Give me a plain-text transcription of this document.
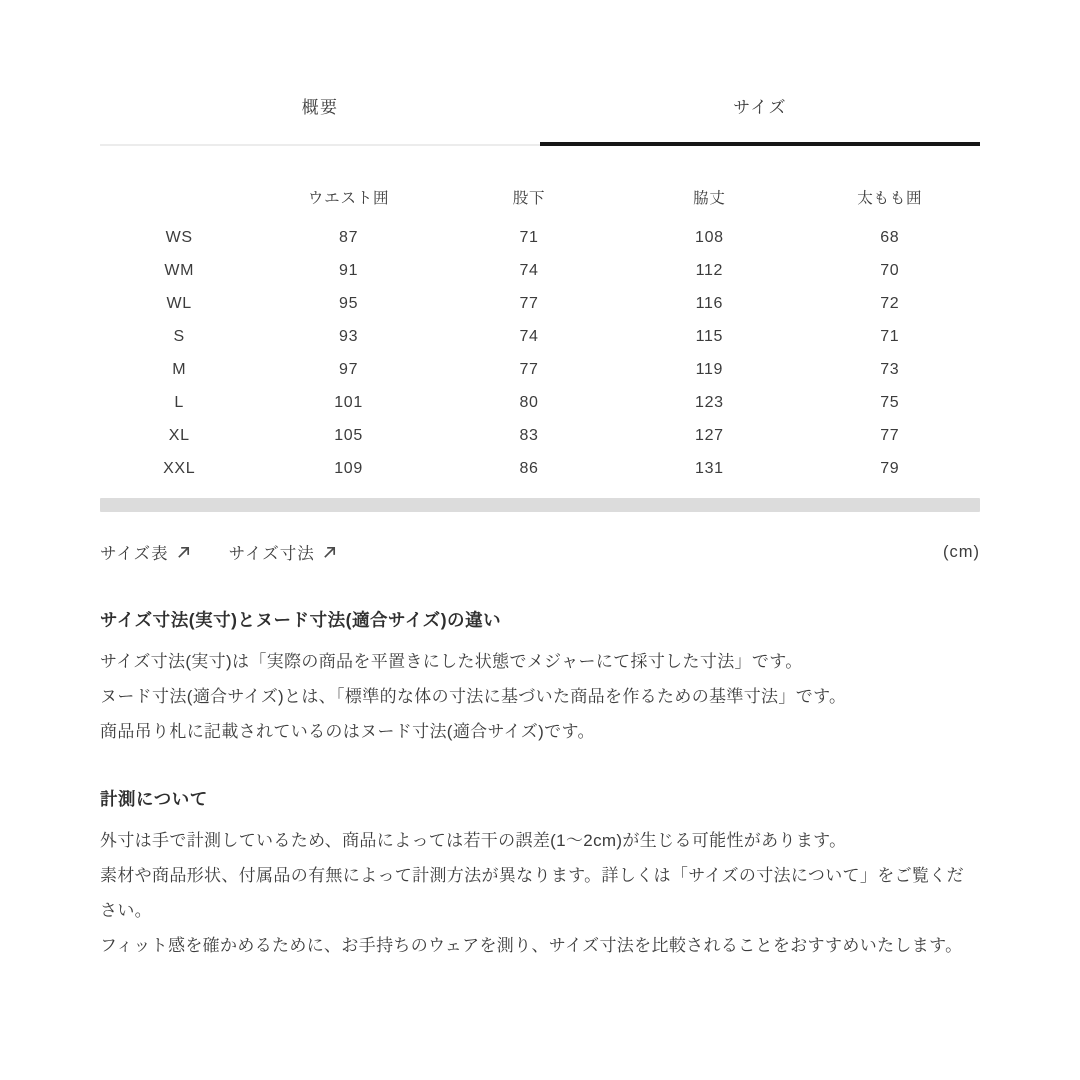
概要	サイズ
	ウエスト囲	股下	脇丈	太もも囲
WS	87	71	108	68
WM	91	74	112	70
WL	95	77	116	72
S	93	74	115	71
M	97	77	119	73
L	101	80	123	75
XL	105	83	127	77
XXL	109	86	131	79
サイズ表	サイズ寸法	(cm)
サイズ寸法(実寸)とヌード寸法(適合サイズ)の違い

サイズ寸法(実寸)は「実際の商品を平置きにした状態でメジャーにて採寸した寸法」です。

ヌード寸法(適合サイズ)とは、「標準的な体の寸法に基づいた商品を作るための基準寸法」です。

商品吊り札に記載されているのはヌード寸法(適合サイズ)です。

計測について

外寸は手で計測しているため、商品によっては若干の誤差(1〜2cm)が生じる可能性があります。

素材や商品形状、付属品の有無によって計測方法が異なります。詳しくは「サイズの寸法について」をご覧ください。

フィット感を確かめるために、お手持ちのウェアを測り、サイズ寸法を比較されることをおすすめいたします。
